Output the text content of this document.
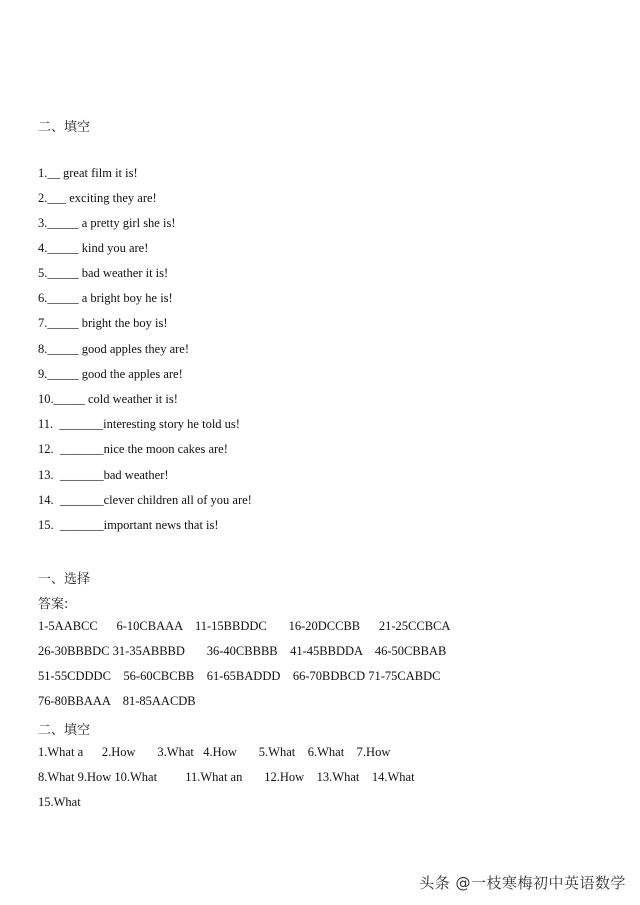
二、填空
1.__ great film it is!
2.___ exciting they are!
3._____ a pretty girl she is!
4._____ kind you are!
5._____ bad weather it is!
6._____ a bright boy he is!
7._____ bright the boy is!
8._____ good apples they are!
9._____ good the apples are!
10._____ cold weather it is!
11.  _______interesting story he told us!
12.  _______nice the moon cakes are!
13.  _______bad weather!
14.  _______clever children all of you are!
15.  _______important news that is!
一、选择
答案:
1-5AABCC      6-10CBAAA    11-15BBDDC       16-20DCCBB      21-25CCBCA
26-30BBBDC 31-35ABBBD       36-40CBBBB    41-45BBDDA    46-50CBBAB
51-55CDDDC    56-60CBCBB    61-65BADDD    66-70BDBCD 71-75CABDC
76-80BBAAA    81-85AACDB
二、填空
1.What a      2.How       3.What   4.How       5.What    6.What    7.How
8.What 9.How 10.What         11.What an       12.How    13.What    14.What
15.What
头条 @一枝寒梅初中英语数学
